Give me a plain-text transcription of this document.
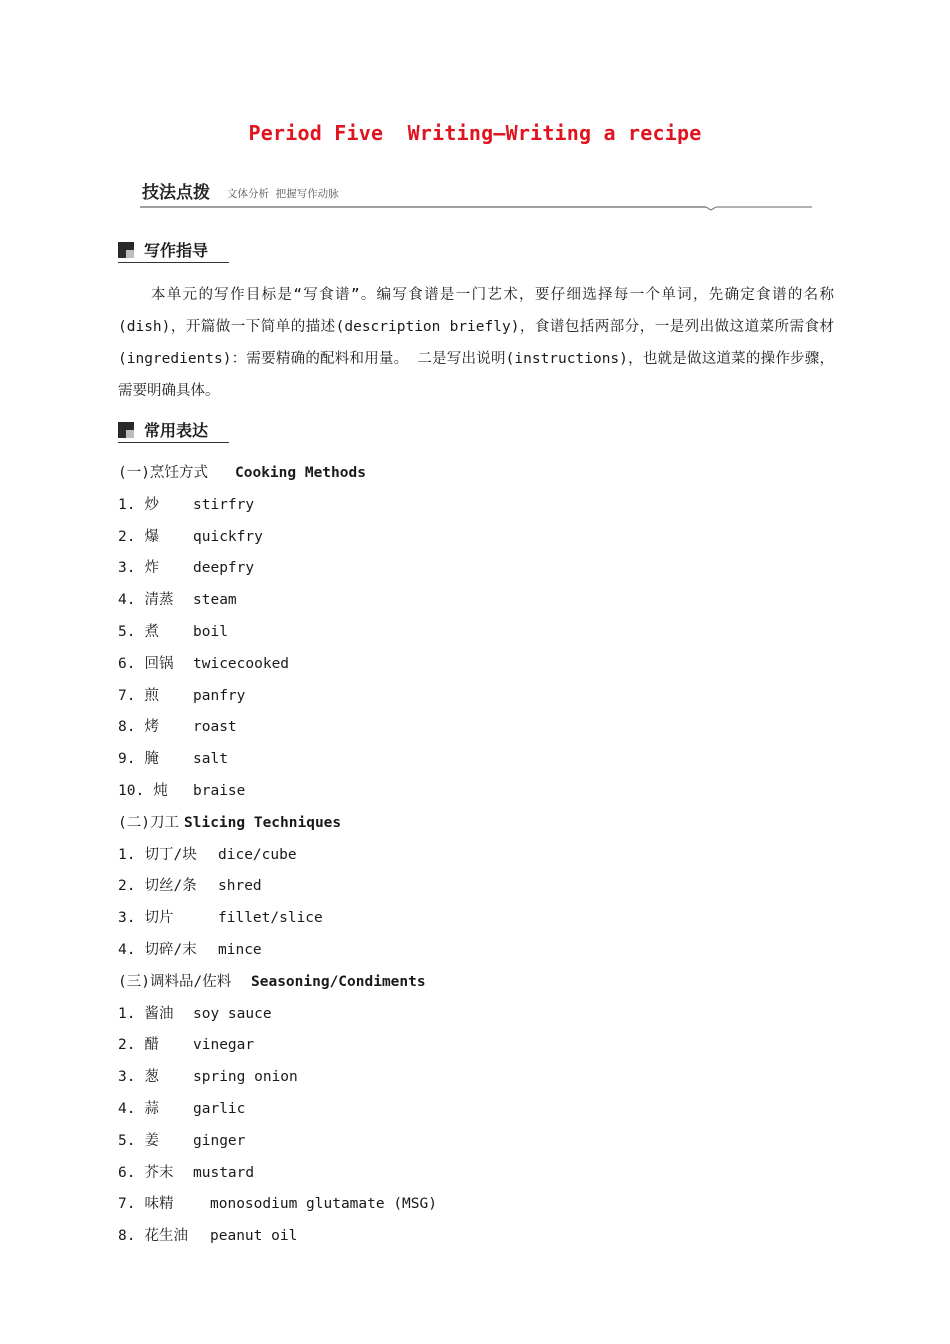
Period Five  Writing—Writing a recipe
技法点拨 文体分析  把握写作动脉
写作指导

本单元的写作目标是“写食谱”。编写食谱是一门艺术，要仔细选择每一个单词，先确定食谱的名称(dish)，开篇做一下简单的描述(description briefly)，食谱包括两部分，一是列出做这道菜所需食材(ingredients)：需要精确的配料和用量。 二是写出说明(instructions)，也就是做这道菜的操作步骤，需要明确具体。

常用表达
(一)烹饪方式 Cooking Methods
1. 炒 stirfry
2. 爆 quickfry
3. 炸 deepfry
4. 清蒸 steam
5. 煮 boil
6. 回锅 twicecooked
7. 煎 panfry
8. 烤 roast
9. 腌 salt
10. 炖 braise
(二)刀工 Slicing Techniques
1. 切丁/块 dice/cube
2. 切丝/条 shred
3. 切片	fillet/slice
4. 切碎/末 mince
(三)调料品/佐料 Seasoning/Condiments
1. 酱油 soy sauce
2. 醋 vinegar
3. 葱 spring onion
4. 蒜 garlic
5. 姜 ginger
6. 芥末 mustard
7. 味精	monosodium glutamate (MSG)
8. 花生油 peanut oil
